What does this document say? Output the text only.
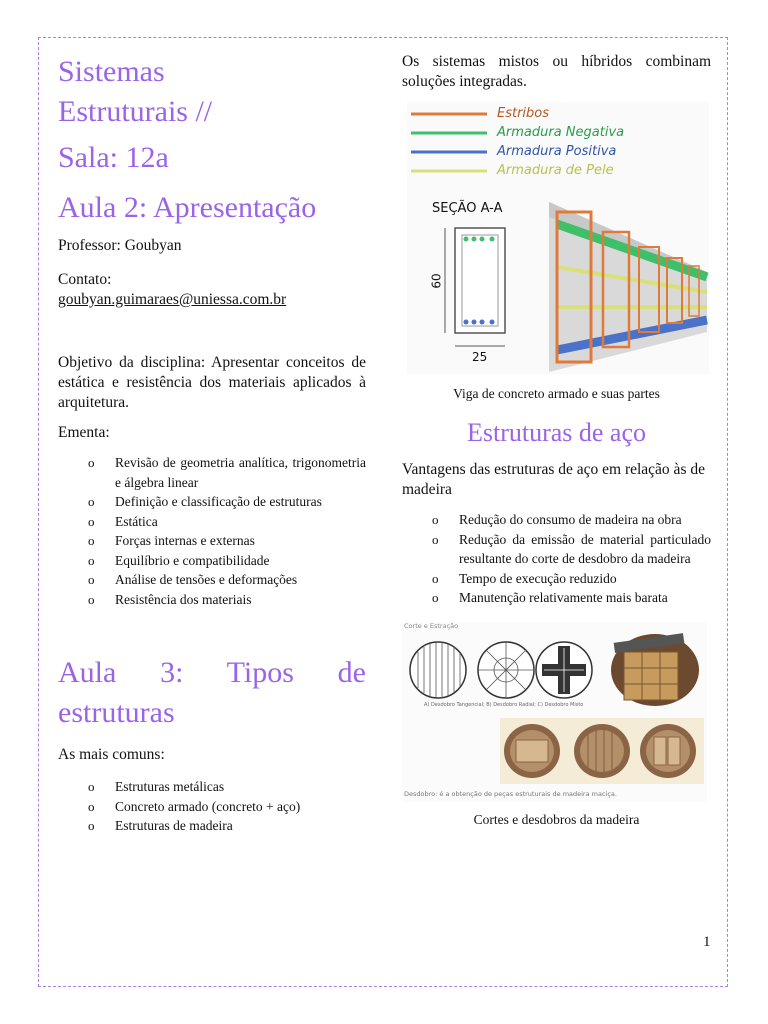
Sistemas
Estruturais //
Sala: 12a
Aula 2: Apresentação

Professor: Goubyan

Contato:

goubyan.guimaraes@uniessa.com.br

Objetivo da disciplina: Apresentar conceitos de estática e resistência dos materiais aplicados à arquitetura.

Ementa:

o Revisão de geometria analítica, trigonometria e álgebra linear
o Definição e classificação de estruturas
o Estática
o Forças internas e externas
o Equilíbrio e compatibilidade
o Análise de tensões e deformações
o Resistência dos materiais
Aula 3: Tipos de estruturas

As mais comuns:

o Estruturas metálicas
o Concreto armado (concreto + aço)
o Estruturas de madeira

Os sistemas mistos ou híbridos combinam soluções integradas.

Estribos
Armadura Negativa
Armadura Positiva
Armadura de Pele
SEÇÃO A-A
60
25

Viga de concreto armado e suas partes

Estruturas de aço

Vantagens das estruturas de aço em relação às de madeira

o Redução do consumo de madeira na obra
o Redução da emissão de material particulado resultante do corte de desdobro da madeira
o Tempo de execução reduzido
o Manutenção relativamente mais barata
Corte e Estração
A) Desdobro Tangencial; B) Desdobro Radial; C) Desdobro Misto
Desdobro: é a obtenção de peças estruturais de madeira maciça.

Cortes e desdobros da madeira

1
